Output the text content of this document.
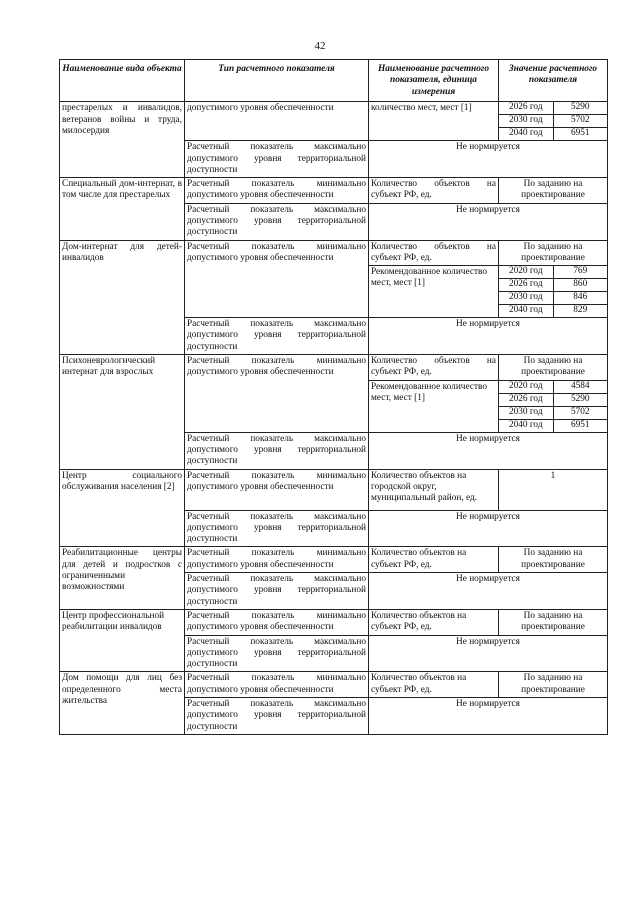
42
Наименование вида объекта	Тип расчетного показателя	Наименование расчетного показателя, единица измерения	Значение расчетного показателя
престарелых и инвалидов, ветеранов войны и труда, милосердия	допустимого уровня обеспеченности	количество мест, мест [1]		2026 год	5290
2030 год	5702
2040 год	6951

Расчетный показатель максимально допустимого уровня территориальной доступности	Не нормируется
Специальный дом-интернат, в том числе для престарелых	Расчетный показатель минимально допустимого уровня обеспеченности	Количество объектов на субъект РФ, ед.	По заданию на проектирование
Расчетный показатель максимально допустимого уровня территориальной доступности	Не нормируется
Дом-интернат для детей-инвалидов	Расчетный показатель минимально допустимого уровня обеспеченности	Количество объектов на субъект РФ, ед.	По заданию на проектирование
Рекомендованное количество мест, мест [1]	
2020 год	769
2026 год	860
2030 год	846
2040 год	829

Расчетный показатель максимально допустимого уровня территориальной доступности	Не нормируется
Психоневрологический интернат для взрослых	Расчетный показатель минимально допустимого уровня обеспеченности	Количество объектов на субъект РФ, ед.	По заданию на проектирование
Рекомендованное количество мест, мест [1]	
2020 год	4584
2026 год	5290
2030 год	5702
2040 год	6951

Расчетный показатель максимально допустимого уровня территориальной доступности	Не нормируется
Центр социального обслуживания населения [2]	Расчетный показатель минимально допустимого уровня обеспеченности	Количество объектов на городской округ, муниципальный район, ед.	1
Расчетный показатель максимально допустимого уровня территориальной доступности	Не нормируется
Реабилитационные центры для детей и подростков с ограниченными возможностями	Расчетный показатель минимально допустимого уровня обеспеченности	Количество объектов на субъект РФ, ед.	По заданию на проектирование
Расчетный показатель максимально допустимого уровня территориальной доступности	Не нормируется
Центр профессиональной реабилитации инвалидов	Расчетный показатель минимально допустимого уровня обеспеченности	Количество объектов на субъект РФ, ед.	По заданию на проектирование
Расчетный показатель максимально допустимого уровня территориальной доступности	Не нормируется
Дом помощи для лиц без определенного места жительства	Расчетный показатель минимально допустимого уровня обеспеченности	Количество объектов на субъект РФ, ед.	По заданию на проектирование
Расчетный показатель максимально допустимого уровня территориальной доступности	Не нормируется
